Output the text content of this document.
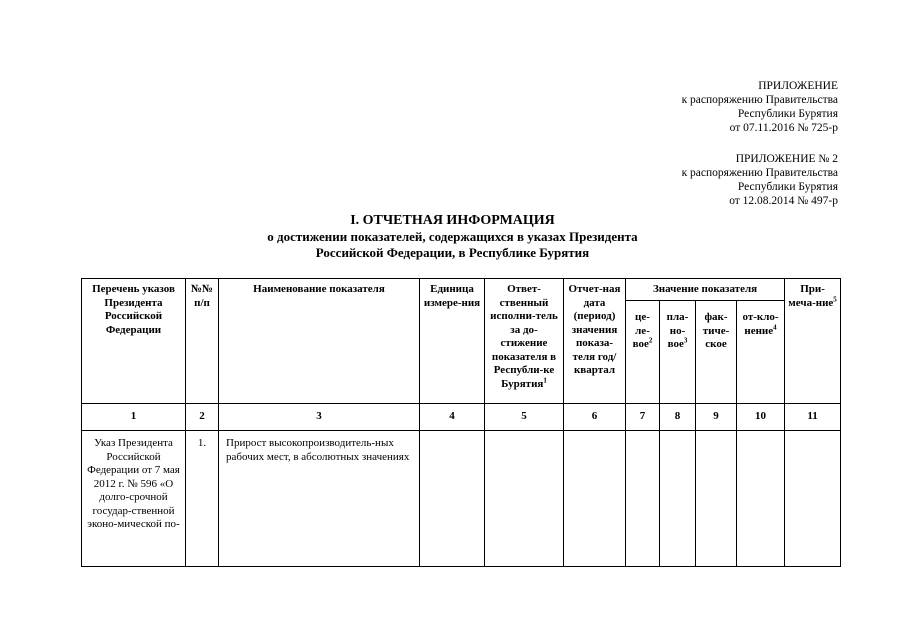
ПРИЛОЖЕНИЕ
к распоряжению Правительства
Республики Бурятия
от 07.11.2016 № 725-р
ПРИЛОЖЕНИЕ № 2
к распоряжению Правительства
Республики Бурятия
от 12.08.2014 № 497-р
I. ОТЧЕТНАЯ ИНФОРМАЦИЯ
о достижении показателей, содержащихся в указах Президента
Российской Федерации, в Республике Бурятия
Перечень указов Президента Российской Федерации	№№ п/п	Наименование показателя	Единица измере-ния	Ответ-ственный исполни-тель за до-стижение показателя в Республи-ке Бурятия$^1$	Отчет-ная дата (период) значения показа-теля год/ квартал	Значение показателя				При-меча-ние$^5$
						це-ле-вое$^2$	пла-но-вое$^3$	фак-тиче-ское	от-кло-нение$^4$
1	2	3	4	5	6	7	8	9	10	11
Указ Президента Российской Федерации от 7 мая 2012 г. № 596 «О долго-срочной государ-ственной эконо-мической по-	1.	Прирост высокопроизводитель-ных рабочих мест, в абсолютных значениях								
